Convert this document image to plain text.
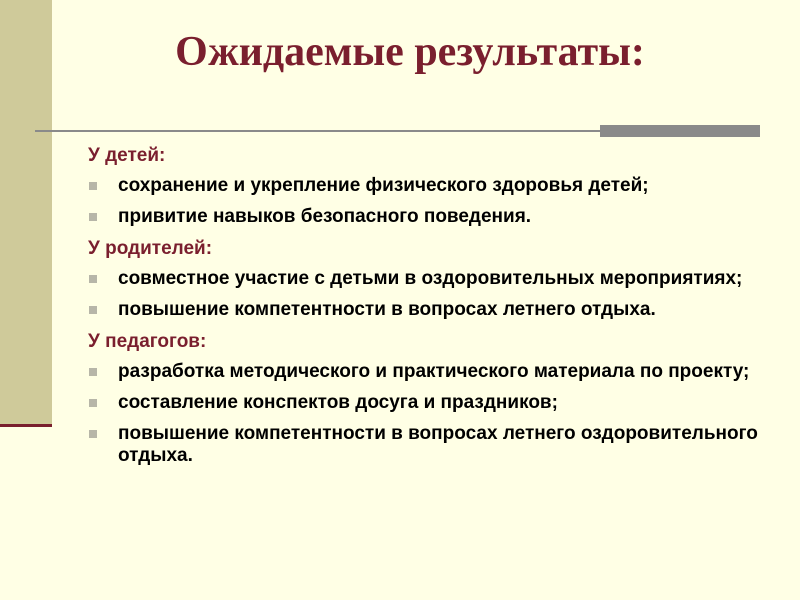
Ожидаемые результаты:
У детей:
сохранение и укрепление физического здоровья детей;
привитие навыков безопасного поведения.
У родителей:
совместное участие с детьми в оздоровительных мероприятиях;
повышение компетентности в вопросах летнего отдыха.
У педагогов:
разработка методического и практического материала по проекту;
составление конспектов досуга и праздников;
повышение компетентности в вопросах летнего оздоровительного отдыха.
